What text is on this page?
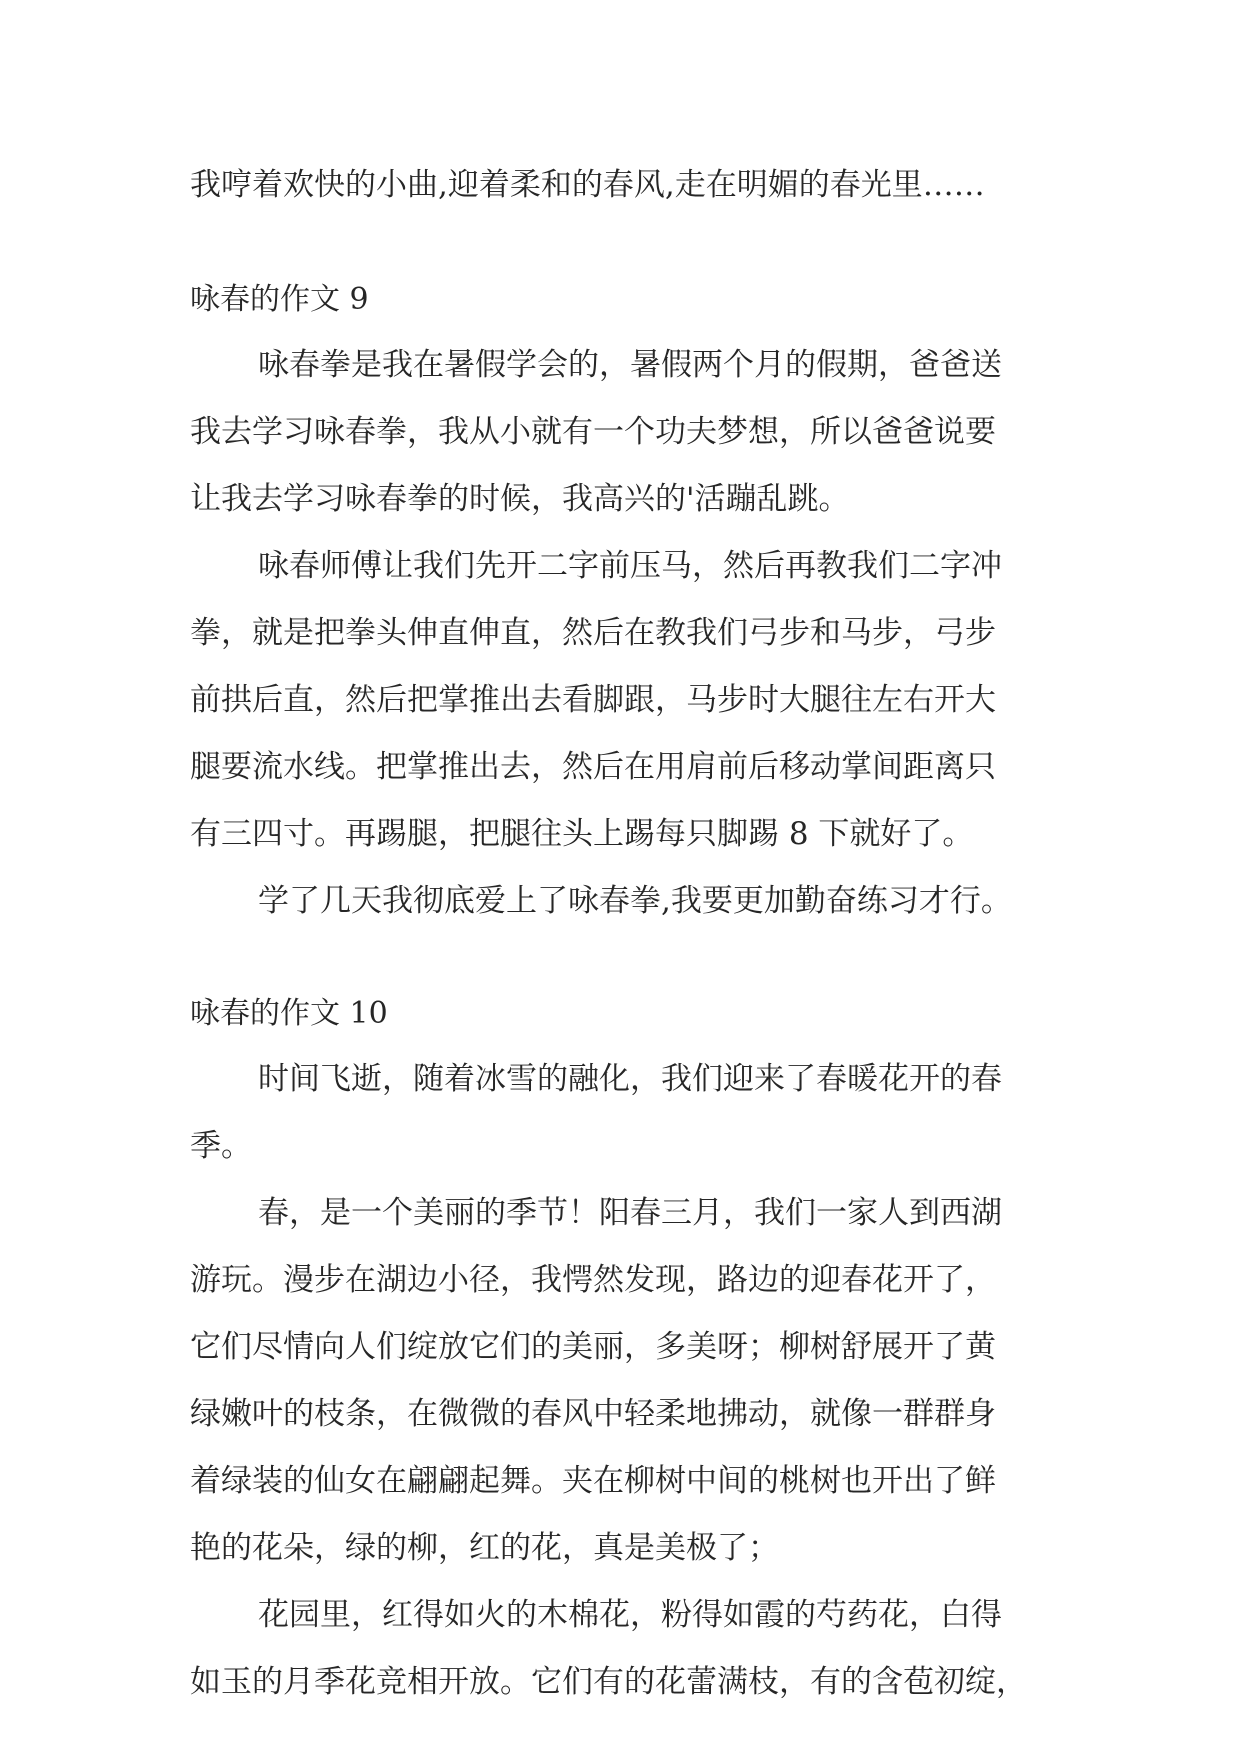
我哼着欢快的小曲,迎着柔和的春风,走在明媚的春光里……
咏春的作文 9
咏春拳是我在暑假学会的，暑假两个月的假期，爸爸送
我去学习咏春拳，我从小就有一个功夫梦想，所以爸爸说要
让我去学习咏春拳的时候，我高兴的'活蹦乱跳。
咏春师傅让我们先开二字前压马，然后再教我们二字冲
拳，就是把拳头伸直伸直，然后在教我们弓步和马步，弓步
前拱后直，然后把掌推出去看脚跟，马步时大腿往左右开大
腿要流水线。把掌推出去，然后在用肩前后移动掌间距离只
有三四寸。再踢腿，把腿往头上踢每只脚踢 8 下就好了。
学了几天我彻底爱上了咏春拳,我要更加勤奋练习才行。
咏春的作文 10
时间飞逝，随着冰雪的融化，我们迎来了春暖花开的春
季。
春，是一个美丽的季节！阳春三月，我们一家人到西湖
游玩。漫步在湖边小径，我愕然发现，路边的迎春花开了，
它们尽情向人们绽放它们的美丽，多美呀；柳树舒展开了黄
绿嫩叶的枝条，在微微的春风中轻柔地拂动，就像一群群身
着绿装的仙女在翩翩起舞。夹在柳树中间的桃树也开出了鲜
艳的花朵，绿的柳，红的花，真是美极了；
花园里，红得如火的木棉花，粉得如霞的芍药花，白得
如玉的月季花竞相开放。它们有的花蕾满枝，有的含苞初绽，
